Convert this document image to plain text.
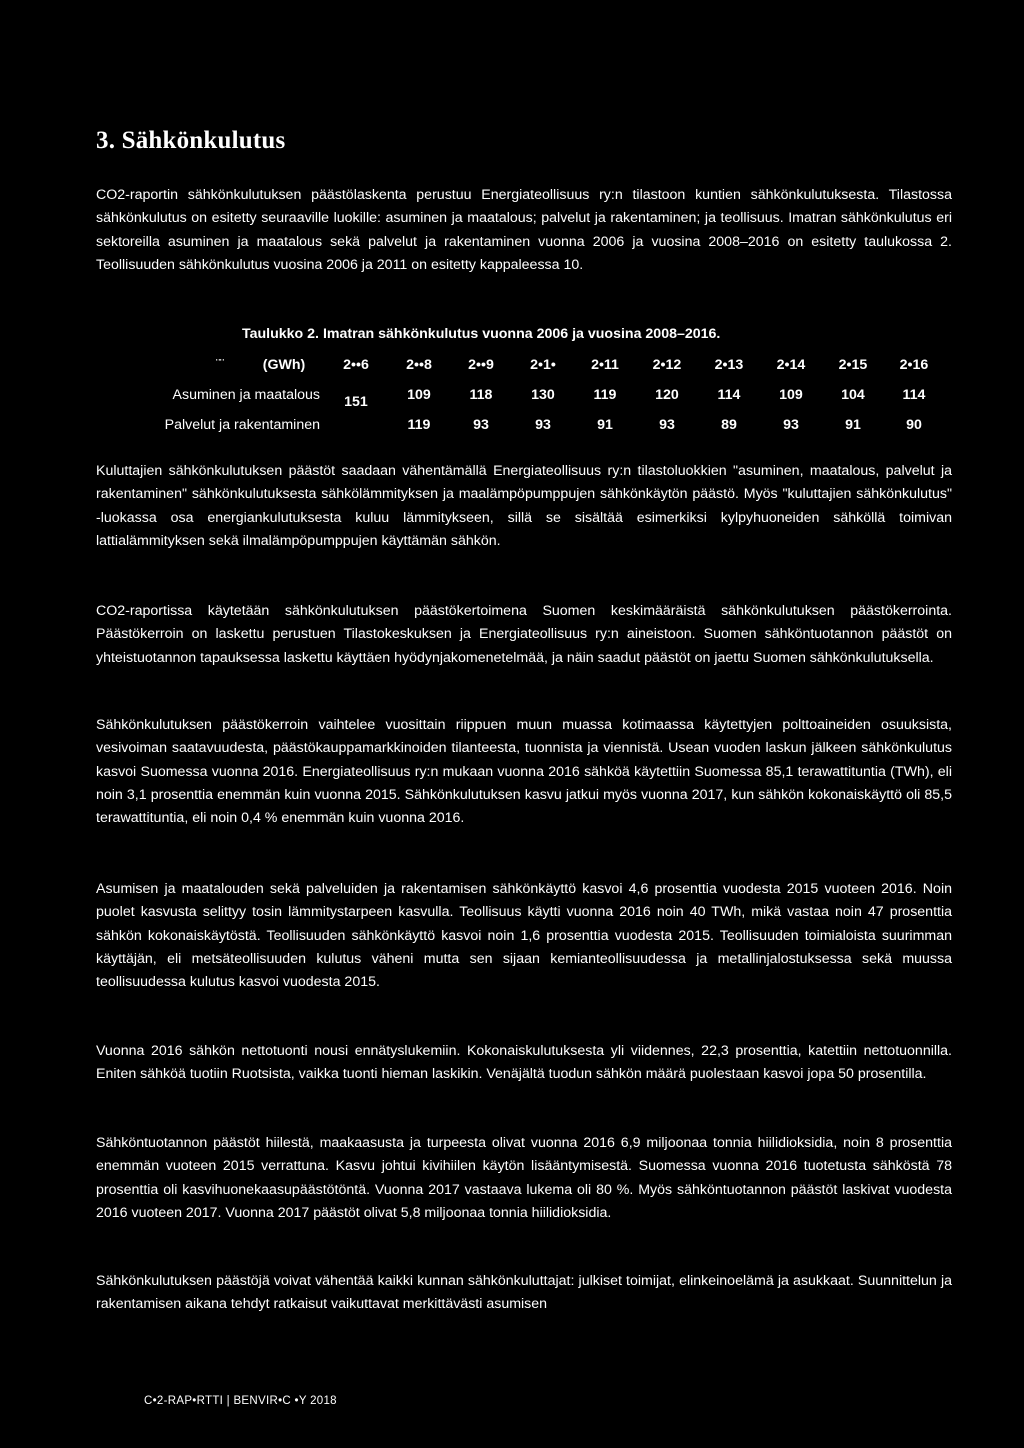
3. Sähkönkulutus

CO2-raportin sähkönkulutuksen päästölaskenta perustuu Energiateollisuus ry:n tilastoon kuntien sähkönkulutuksesta. Tilastossa sähkönkulutus on esitetty seuraaville luokille: asuminen ja maatalous; palvelut ja rakentaminen; ja teollisuus. Imatran sähkönkulutus eri sektoreilla asuminen ja maatalous sekä palvelut ja rakentaminen vuonna 2006 ja vuosina 2008–2016 on esitetty taulukossa 2. Teollisuuden sähkönkulutus vuosina 2006 ja 2011 on esitetty kappaleessa 10.

Taulukko 2. Imatran sähkönkulutus vuonna 2006 ja vuosina 2008–2016.

̈ ̈	(GWh)	2••6	2••8	2••9	2•1•	2•11	2•12	2•13	2•14	2•15	2•16
Asuminen ja maatalous		151	109	118	130	119	120	114	109	104	114
Palvelut ja rakentaminen			119	93	93	91	93	89	93	91	90

Kuluttajien sähkönkulutuksen päästöt saadaan vähentämällä Energiateollisuus ry:n tilastoluokkien "asuminen, maatalous, palvelut ja rakentaminen" sähkönkulutuksesta sähkölämmityksen ja maalämpöpumppujen sähkönkäytön päästö. Myös "kuluttajien sähkönkulutus" -luokassa osa energiankulutuksesta kuluu lämmitykseen, sillä se sisältää esimerkiksi kylpyhuoneiden sähköllä toimivan lattialämmityksen sekä ilmalämpöpumppujen käyttämän sähkön.

CO2-raportissa käytetään sähkönkulutuksen päästökertoimena Suomen keskimääräistä sähkönkulutuksen päästökerrointa. Päästökerroin on laskettu perustuen Tilastokeskuksen ja Energiateollisuus ry:n aineistoon. Suomen sähköntuotannon päästöt on yhteistuotannon tapauksessa laskettu käyttäen hyödynjakomenetelmää, ja näin saadut päästöt on jaettu Suomen sähkönkulutuksella.

Sähkönkulutuksen päästökerroin vaihtelee vuosittain riippuen muun muassa kotimaassa käytettyjen polttoaineiden osuuksista, vesivoiman saatavuudesta, päästökauppamarkkinoiden tilanteesta, tuonnista ja viennistä. Usean vuoden laskun jälkeen sähkönkulutus kasvoi Suomessa vuonna 2016. Energiateollisuus ry:n mukaan vuonna 2016 sähköä käytettiin Suomessa 85,1 terawattituntia (TWh), eli noin 3,1 prosenttia enemmän kuin vuonna 2015. Sähkönkulutuksen kasvu jatkui myös vuonna 2017, kun sähkön kokonaiskäyttö oli 85,5 terawattituntia, eli noin 0,4 % enemmän kuin vuonna 2016.

Asumisen ja maatalouden sekä palveluiden ja rakentamisen sähkönkäyttö kasvoi 4,6 prosenttia vuodesta 2015 vuoteen 2016. Noin puolet kasvusta selittyy tosin lämmitystarpeen kasvulla. Teollisuus käytti vuonna 2016 noin 40 TWh, mikä vastaa noin 47 prosenttia sähkön kokonaiskäytöstä. Teollisuuden sähkönkäyttö kasvoi noin 1,6 prosenttia vuodesta 2015. Teollisuuden toimialoista suurimman käyttäjän, eli metsäteollisuuden kulutus väheni mutta sen sijaan kemianteollisuudessa ja metallinjalostuksessa sekä muussa teollisuudessa kulutus kasvoi vuodesta 2015.

Vuonna 2016 sähkön nettotuonti nousi ennätyslukemiin. Kokonaiskulutuksesta yli viidennes, 22,3 prosenttia, katettiin nettotuonnilla. Eniten sähköä tuotiin Ruotsista, vaikka tuonti hieman laskikin. Venäjältä tuodun sähkön määrä puolestaan kasvoi jopa 50 prosentilla.

Sähköntuotannon päästöt hiilestä, maakaasusta ja turpeesta olivat vuonna 2016 6,9 miljoonaa tonnia hiilidioksidia, noin 8 prosenttia enemmän vuoteen 2015 verrattuna. Kasvu johtui kivihiilen käytön lisääntymisestä. Suomessa vuonna 2016 tuotetusta sähköstä 78 prosenttia oli kasvihuonekaasupäästötöntä. Vuonna 2017 vastaava lukema oli 80 %. Myös sähköntuotannon päästöt laskivat vuodesta 2016 vuoteen 2017. Vuonna 2017 päästöt olivat 5,8 miljoonaa tonnia hiilidioksidia.

Sähkönkulutuksen päästöjä voivat vähentää kaikki kunnan sähkönkuluttajat: julkiset toimijat, elinkeinoelämä ja asukkaat. Suunnittelun ja rakentamisen aikana tehdyt ratkaisut vaikuttavat merkittävästi asumisen

C•2-RAP•RTTI | BENVIR•C •Y 2018
